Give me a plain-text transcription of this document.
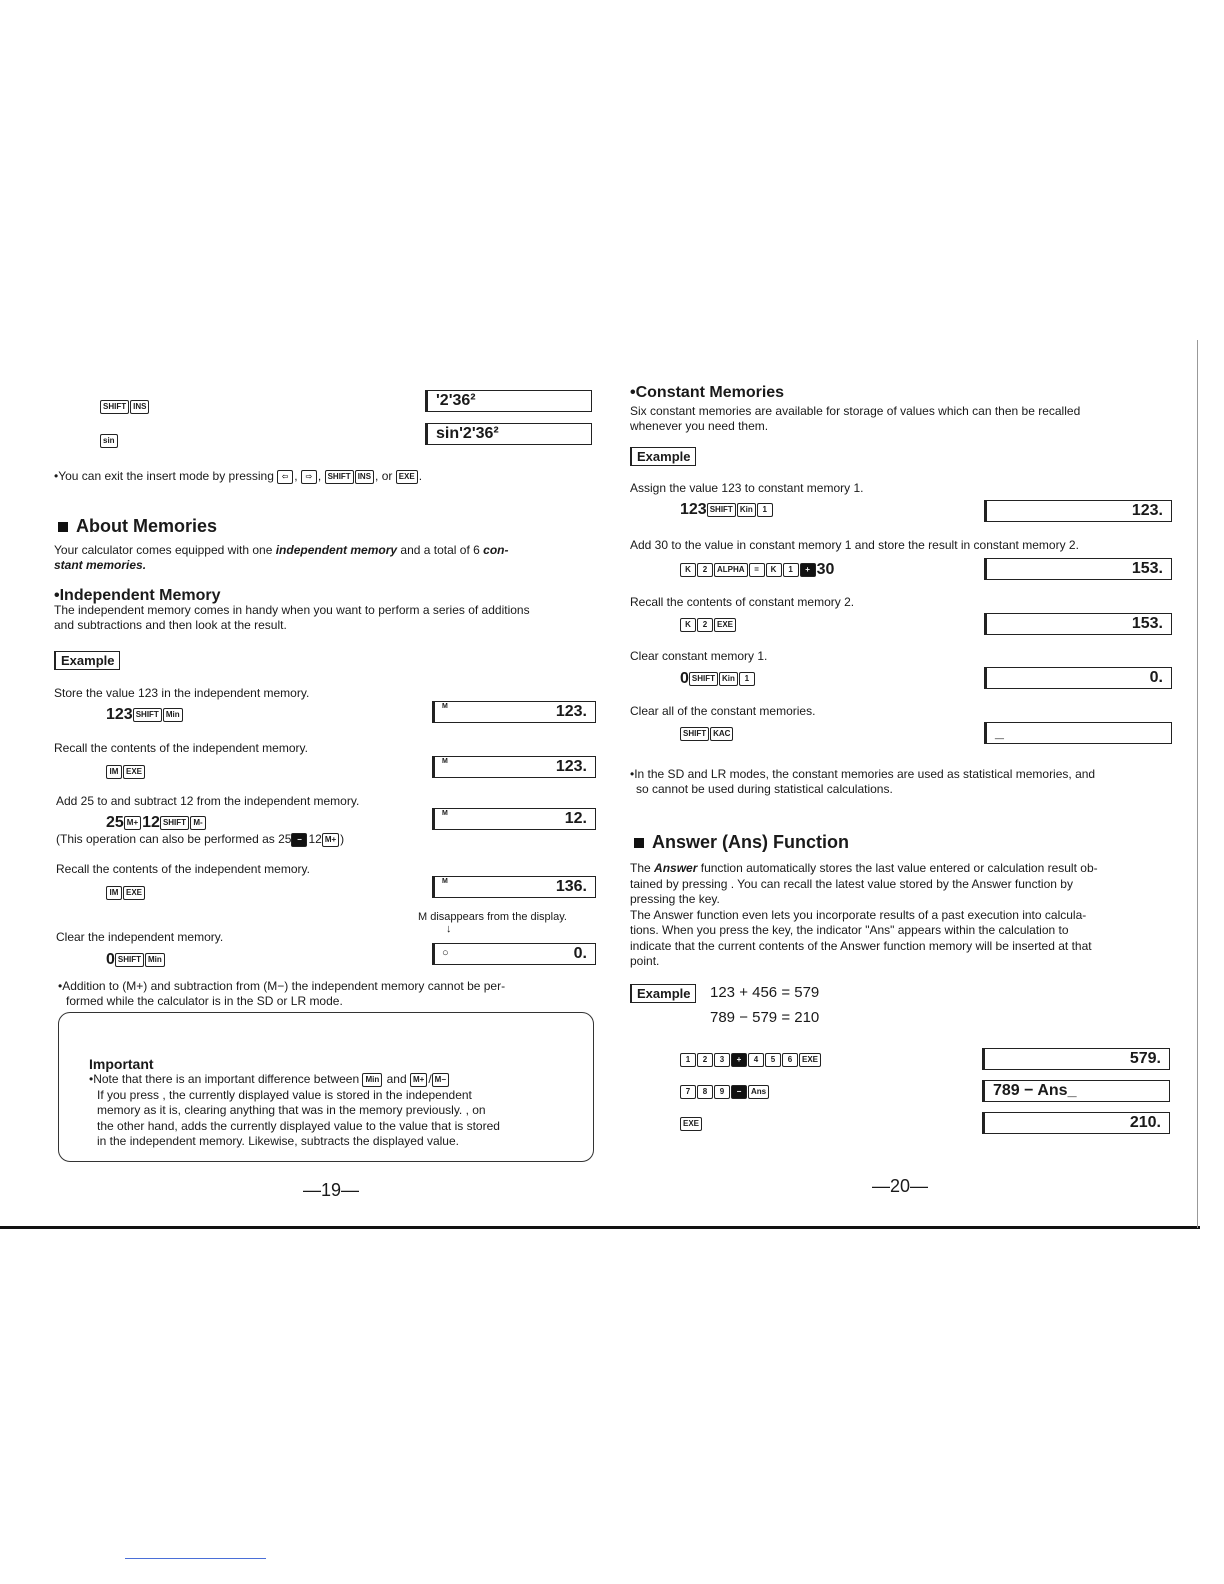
SHIFT INS	'2'36²
sin	sin'2'36²
•You can exit the insert mode by pressing ⇦ , ⇨ , SHIFT INS , or EXE .
About Memories
Your calculator comes equipped with one independent memory and a total of 6 con-
stant memories.
•Independent Memory
The independent memory comes in handy when you want to perform a series of additions
and subtractions and then look at the result.
Example
Store the value 123 in the independent memory.
123 SHIFT Min
M	123.
Recall the contents of the independent memory.
IM EXE
M	123.
Add 25 to and subtract 12 from the independent memory.
25 M+ 12 SHIFT M-
(This operation can also be performed as 25 − 12 M+ )
M	12.
Recall the contents of the independent memory.
IM EXE
M	136.
M disappears from the display.
↓
Clear the independent memory.
0 SHIFT Min
○	0.
•Addition to (M+) and subtraction from (M−) the independent memory cannot be per-
formed while the calculator is in the SD or LR mode.
Important
•Note that there is an important difference between Min and M+ / M−
If you press , the currently displayed value is stored in the independent
memory as it is, clearing anything that was in the memory previously. , on
the other hand, adds the currently displayed value to the value that is stored
in the independent memory. Likewise, subtracts the displayed value.
—19—
•Constant Memories
Six constant memories are available for storage of values which can then be recalled
whenever you need them.
Example
Assign the value 123 to constant memory 1.
123 SHIFT Kin 1	123.
Add 30 to the value in constant memory 1 and store the result in constant memory 2.
K 2 ALPHA = K 1 + 30	153.
Recall the contents of constant memory 2.
K 2 EXE	153.
Clear constant memory 1.
0 SHIFT Kin 1	0.
Clear all of the constant memories.
SHIFT KAC	_
•In the SD and LR modes, the constant memories are used as statistical memories, and
so cannot be used during statistical calculations.
Answer (Ans) Function
The Answer function automatically stores the last value entered or calculation result ob-
tained by pressing . You can recall the latest value stored by the Answer function by
pressing the key.
The Answer function even lets you incorporate results of a past execution into calcula-
tions. When you press the key, the indicator "Ans" appears within the calculation to
indicate that the current contents of the Answer function memory will be inserted at that
point.
Example	123 + 456 = 579
789 − 579 = 210
1 2 3 + 4 5 6 EXE	579.
7 8 9 − Ans	789 − Ans_
EXE	210.
—20—
